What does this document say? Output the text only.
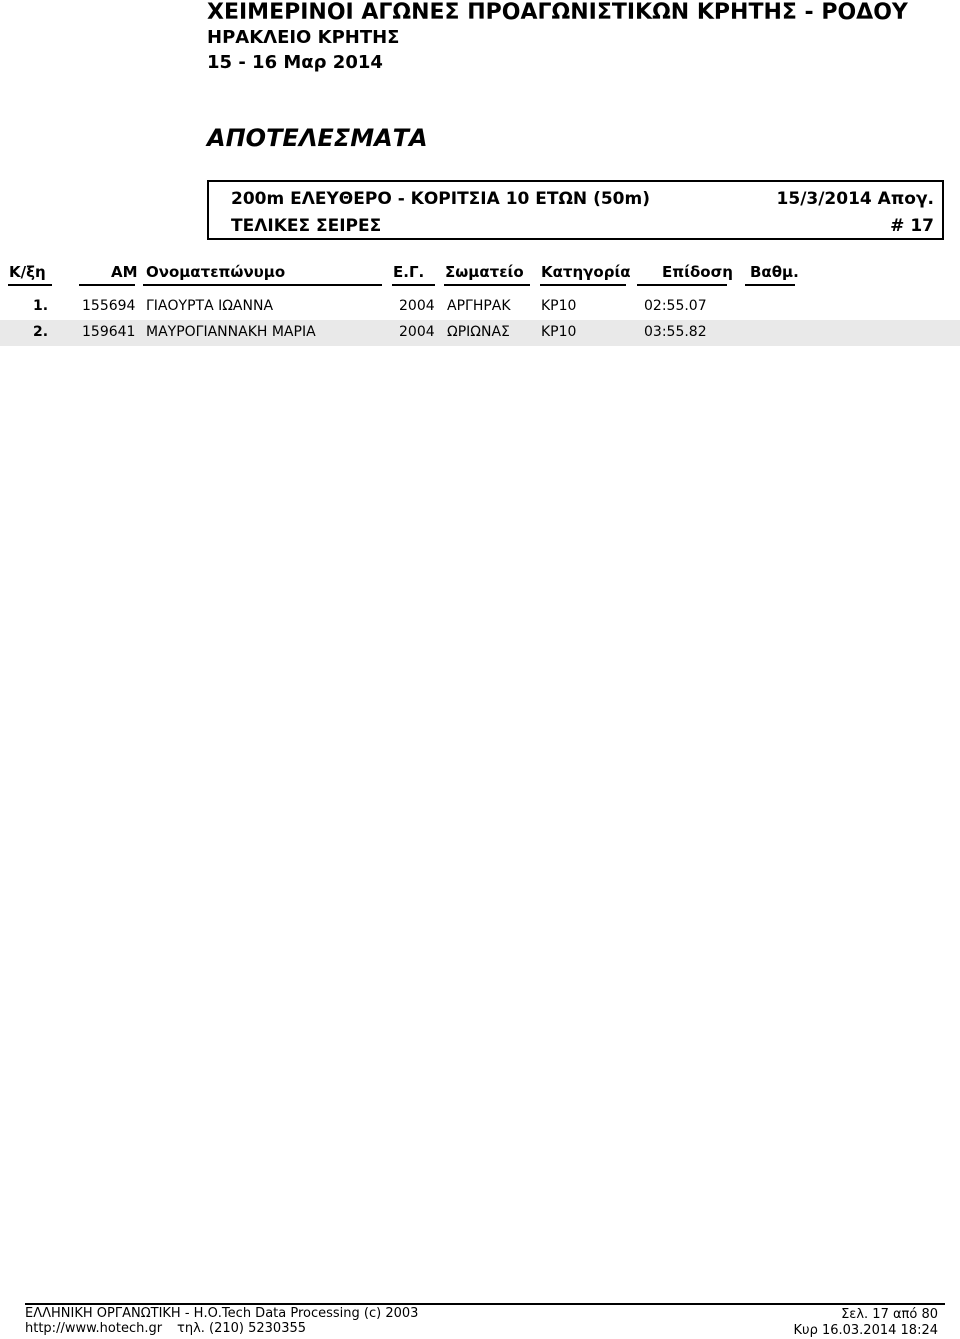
ΧΕΙΜΕΡΙΝΟΙ ΑΓΩΝΕΣ ΠΡΟΑΓΩΝΙΣΤΙΚΩΝ ΚΡΗΤΗΣ - ΡΟΔΟΥ
ΗΡΑΚΛΕΙΟ ΚΡΗΤΗΣ
15 - 16 Μαρ 2014
ΑΠΟΤΕΛΕΣΜΑΤΑ
200m ΕΛΕΥΘΕΡΟ - ΚΟΡΙΤΣΙΑ 10 ΕΤΩΝ (50m)	15/3/2014 Απογ.
ΤΕΛΙΚΕΣ ΣΕΙΡΕΣ	# 17
Κ/ξη	ΑΜ Ονοματεπώνυμο	Ε.Γ. Σωματείο Κατηγορία Επίδοση Βαθμ.
1. 155694 ΓΙΑΟΥΡΤΑ ΙΩΑΝΝΑ	2004 ΑΡΓΗΡΑΚ ΚΡ10	02:55.07
2. 159641 ΜΑΥΡΟΓΙΑΝΝΑΚΗ ΜΑΡΙΑ	2004 ΩΡΙΩΝΑΣ ΚΡ10	03:55.82
ΕΛΛΗΝΙΚΗ ΟΡΓΑΝΩΤΙΚΗ - Η.Ο.Tech Data Processing (c) 2003
http://www.hotech.gr τηλ. (210) 5230355
Σελ. 17 από 80
Κυρ 16.03.2014 18:24
